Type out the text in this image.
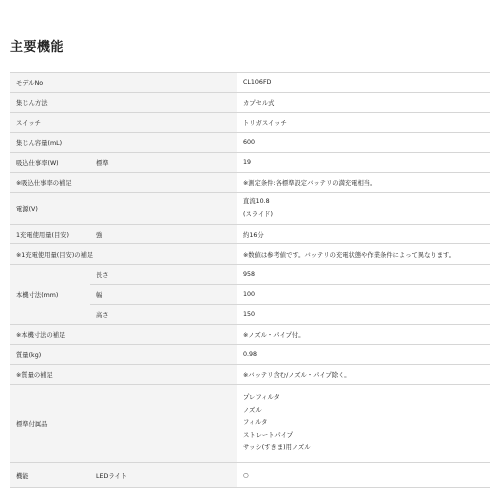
主要機能
モデルNo		CL106FD
集じん方法		カプセル式
スイッチ		トリガスイッチ
集じん容量(mL)		600
吸込仕事率(W)	標準	19
※吸込仕事率の補足		※測定条件:各標準設定バッテリの満充電相当。
電源(V)		直流10.8
(スライド)

1充電使用量(目安)	強	約16分
※1充電使用量(目安)の補足		※数値は参考値です。バッテリの充電状態や作業条件によって異なります。
本機寸法(mm)	長さ	958
	幅	100
	高さ	150
※本機寸法の補足		※ノズル・パイプ付。
質量(kg)		0.98
※質量の補足		※バッテリ含む/ノズル・パイプ除く。
標準付属品		プレフィルタ
ノズル
フィルタ
ストレートパイプ
サッシ(すきま)用ノズル

機能	LEDライト	○
